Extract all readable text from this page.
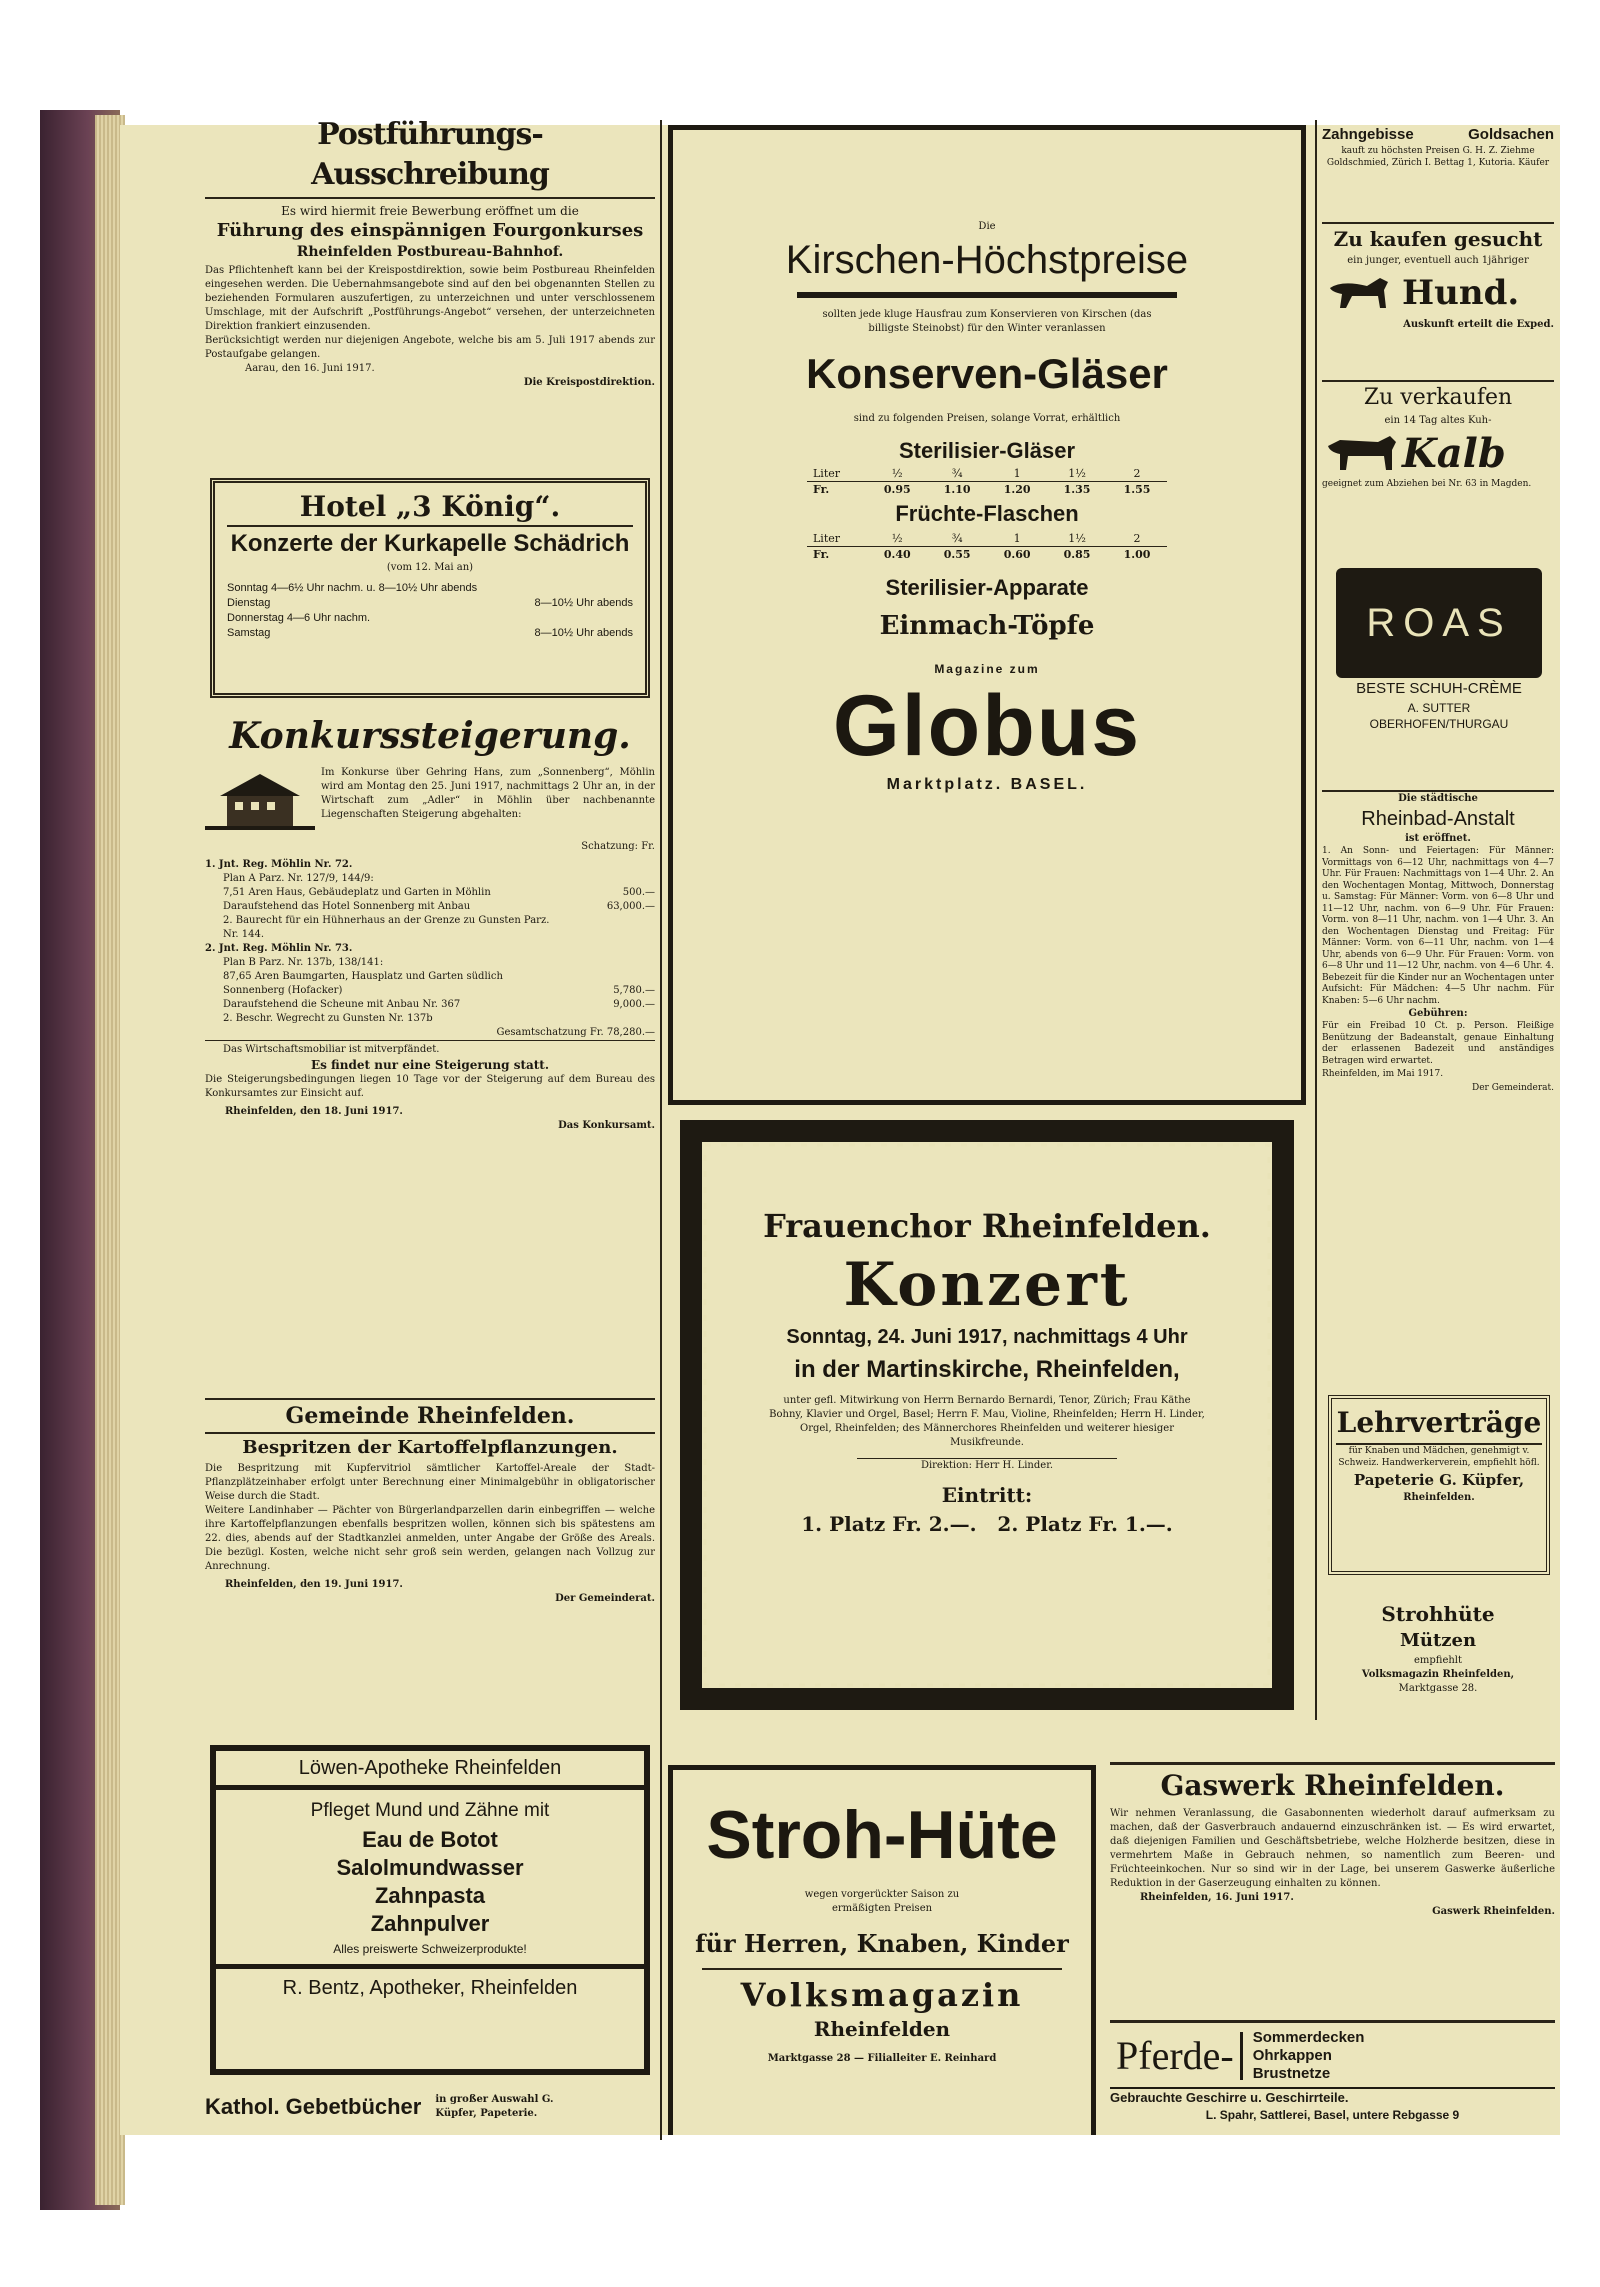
Postführungs-Ausschreibung
Es wird hiermit freie Bewerbung eröffnet um die
Führung des einspännigen Fourgonkurses
Rheinfelden Postbureau-Bahnhof.

Das Pflichtenheft kann bei der Kreispostdirektion, sowie beim Postbureau Rheinfelden eingesehen werden. Die Uebernahmsangebote sind auf den bei obgenannten Stellen zu beziehenden Formularen auszufertigen, zu unterzeichnen und unter verschlossenem Umschlage, mit der Aufschrift „Postführungs-Angebot“ versehen, der unterzeichneten Direktion frankiert einzusenden.

Berücksichtigt werden nur diejenigen Angebote, welche bis am 5. Juli 1917 abends zur Postaufgabe gelangen.

Aarau, den 16. Juni 1917.
Die Kreispostdirektion.
Hotel „3 König“.
Konzerte der Kurkapelle Schädrich
(vom 12. Mai an)
Sonntag 4—6½ Uhr nachm. u. 8—10½ Uhr abends
Dienstag	8—10½ Uhr abends
Donnerstag 4—6 Uhr nachm.
Samstag	8—10½ Uhr abends
Konkurssteigerung.

Im Konkurse über Gehring Hans, zum „Sonnenberg“, Möhlin wird am Montag den 25. Juni 1917, nachmittags 2 Uhr an, in der Wirtschaft zum „Adler“ in Möhlin über nachbenannte Liegenschaften Steigerung abgehalten:

Schatzung: Fr.
1. Jnt. Reg. Möhlin Nr. 72.
Plan A Parz. Nr. 127/9, 144/9:
7,51 Aren Haus, Gebäudeplatz und Garten in Möhlin	500.—
Daraufstehend das Hotel Sonnenberg mit Anbau	63,000.—
2. Baurecht für ein Hühnerhaus an der Grenze zu Gunsten Parz. Nr. 144.
2. Jnt. Reg. Möhlin Nr. 73.
Plan B Parz. Nr. 137b, 138/141:
87,65 Aren Baumgarten, Hausplatz und Garten südlich Sonnenberg (Hofacker)	5,780.—
Daraufstehend die Scheune mit Anbau Nr. 367	9,000.—
2. Beschr. Wegrecht zu Gunsten Nr. 137b
Gesamtschatzung Fr. 78,280.—
Das Wirtschaftsmobiliar ist mitverpfändet.
Es findet nur eine Steigerung statt.

Die Steigerungsbedingungen liegen 10 Tage vor der Steigerung auf dem Bureau des Konkursamtes zur Einsicht auf.

Rheinfelden, den 18. Juni 1917.
Das Konkursamt.
Gemeinde Rheinfelden.
Bespritzen der Kartoffelpflanzungen.

Die Bespritzung mit Kupfervitriol sämtlicher Kartoffel-Areale der Stadt-Pflanzplätzeinhaber erfolgt unter Berechnung einer Minimalgebühr in obligatorischer Weise durch die Stadt.

Weitere Landinhaber — Pächter von Bürgerlandparzellen darin einbegriffen — welche ihre Kartoffelpflanzungen ebenfalls bespritzen wollen, können sich bis spätestens am 22. dies, abends auf der Stadtkanzlei anmelden, unter Angabe der Größe des Areals. Die bezügl. Kosten, welche nicht sehr groß sein werden, gelangen nach Vollzug zur Anrechnung.

Rheinfelden, den 19. Juni 1917.
Der Gemeinderat.
Löwen-Apotheke Rheinfelden
Pfleget Mund und Zähne mit
Eau de Botot
Salolmundwasser
Zahnpasta
Zahnpulver
Alles preiswerte Schweizerprodukte!
R. Bentz, Apotheker, Rheinfelden
Kathol. Gebetbücher in großer Auswahl G. Küpfer, Papeterie.
Die
Kirschen-Höchstpreise

sollten jede kluge Hausfrau zum Konservieren von Kirschen (das billigste Steinobst) für den Winter veranlassen

Konserven-Gläser

sind zu folgenden Preisen, solange Vorrat, erhältlich

Sterilisier-Gläser
Liter	½	¾	1	1½	2
Fr.	0.95	1.10	1.20	1.35	1.55
Früchte-Flaschen
Liter	½	¾	1	1½	2
Fr.	0.40	0.55	0.60	0.85	1.00
Sterilisier-Apparate
Einmach-Töpfe
Magazine zum
Globus
Marktplatz. BASEL.
Frauenchor Rheinfelden.
Konzert
Sonntag, 24. Juni 1917, nachmittags 4 Uhr
in der Martinskirche, Rheinfelden,

unter gefl. Mitwirkung von Herrn Bernardo Bernardi, Tenor, Zürich; Frau Käthe Bohny, Klavier und Orgel, Basel; Herrn F. Mau, Violine, Rheinfelden; Herrn H. Linder, Orgel, Rheinfelden; des Männerchores Rheinfelden und weiterer hiesiger Musikfreunde.

Direktion: Herr H. Linder.
Eintritt:
1. Platz Fr. 2.—.   2. Platz Fr. 1.—.
Stroh-Hüte

wegen vorgerückter Saison zu ermäßigten Preisen

für Herren, Knaben, Kinder
Volksmagazin
Rheinfelden
Marktgasse 28 — Filialleiter E. Reinhard
Zahngebisse	Goldsachen

kauft zu höchsten Preisen G. H. Z. Ziehme Goldschmied, Zürich I. Bettag 1, Kutoria. Käufer

Zu kaufen gesucht
ein junger, eventuell auch 1jähriger
Hund.
Auskunft erteilt die Exped.
Zu verkaufen
ein 14 Tag altes Kuh-
Kalb

geeignet zum Abziehen bei Nr. 63 in Magden.

ROAS
BESTE SCHUH-CRÈME
A. SUTTER
OBERHOFEN/THURGAU
Die städtische
Rheinbad-Anstalt
ist eröffnet.

1. An Sonn- und Feiertagen: Für Männer: Vormittags von 6—12 Uhr, nachmittags von 4—7 Uhr. Für Frauen: Nachmittags von 1—4 Uhr. 2. An den Wochentagen Montag, Mittwoch, Donnerstag u. Samstag: Für Männer: Vorm. von 6—8 Uhr und 11—12 Uhr, nachm. von 6—9 Uhr. Für Frauen: Vorm. von 8—11 Uhr, nachm. von 1—4 Uhr. 3. An den Wochentagen Dienstag und Freitag: Für Männer: Vorm. von 6—11 Uhr, nachm. von 1—4 Uhr, abends von 6—9 Uhr. Für Frauen: Vorm. von 6—8 Uhr und 11—12 Uhr, nachm. von 4—6 Uhr. 4. Bebezeit für die Kinder nur an Wochentagen unter Aufsicht: Für Mädchen: 4—5 Uhr nachm. Für Knaben: 5—6 Uhr nachm.

Gebühren:

Für ein Freibad 10 Ct. p. Person. Fleißige Benützung der Badeanstalt, genaue Einhaltung der erlassenen Badezeit und anständiges Betragen wird erwartet.

Rheinfelden, im Mai 1917.
Der Gemeinderat.
Lehrverträge

für Knaben und Mädchen, genehmigt v. Schweiz. Handwerkerverein, empfiehlt höfl.

Papeterie G. Küpfer,
Rheinfelden.
Strohhüte
Mützen
empfiehlt
Volksmagazin Rheinfelden,
Marktgasse 28.
Gaswerk Rheinfelden.

Wir nehmen Veranlassung, die Gasabonnenten wiederholt darauf aufmerksam zu machen, daß der Gasverbrauch andauernd einzuschränken ist. — Es wird erwartet, daß diejenigen Familien und Geschäftsbetriebe, welche Holzherde besitzen, diese in vermehrtem Maße in Gebrauch nehmen, so namentlich zum Beeren- und Früchteeinkochen. Nur so sind wir in der Lage, bei unserem Gaswerke äußerliche Reduktion in der Gaserzeugung einhalten zu können.

Rheinfelden, 16. Juni 1917.
Gaswerk Rheinfelden.
Pferde-	Sommerdecken
Ohrkappen
Brustnetze
Gebrauchte Geschirre u. Geschirrteile.
L. Spahr, Sattlerei, Basel, untere Rebgasse 9
